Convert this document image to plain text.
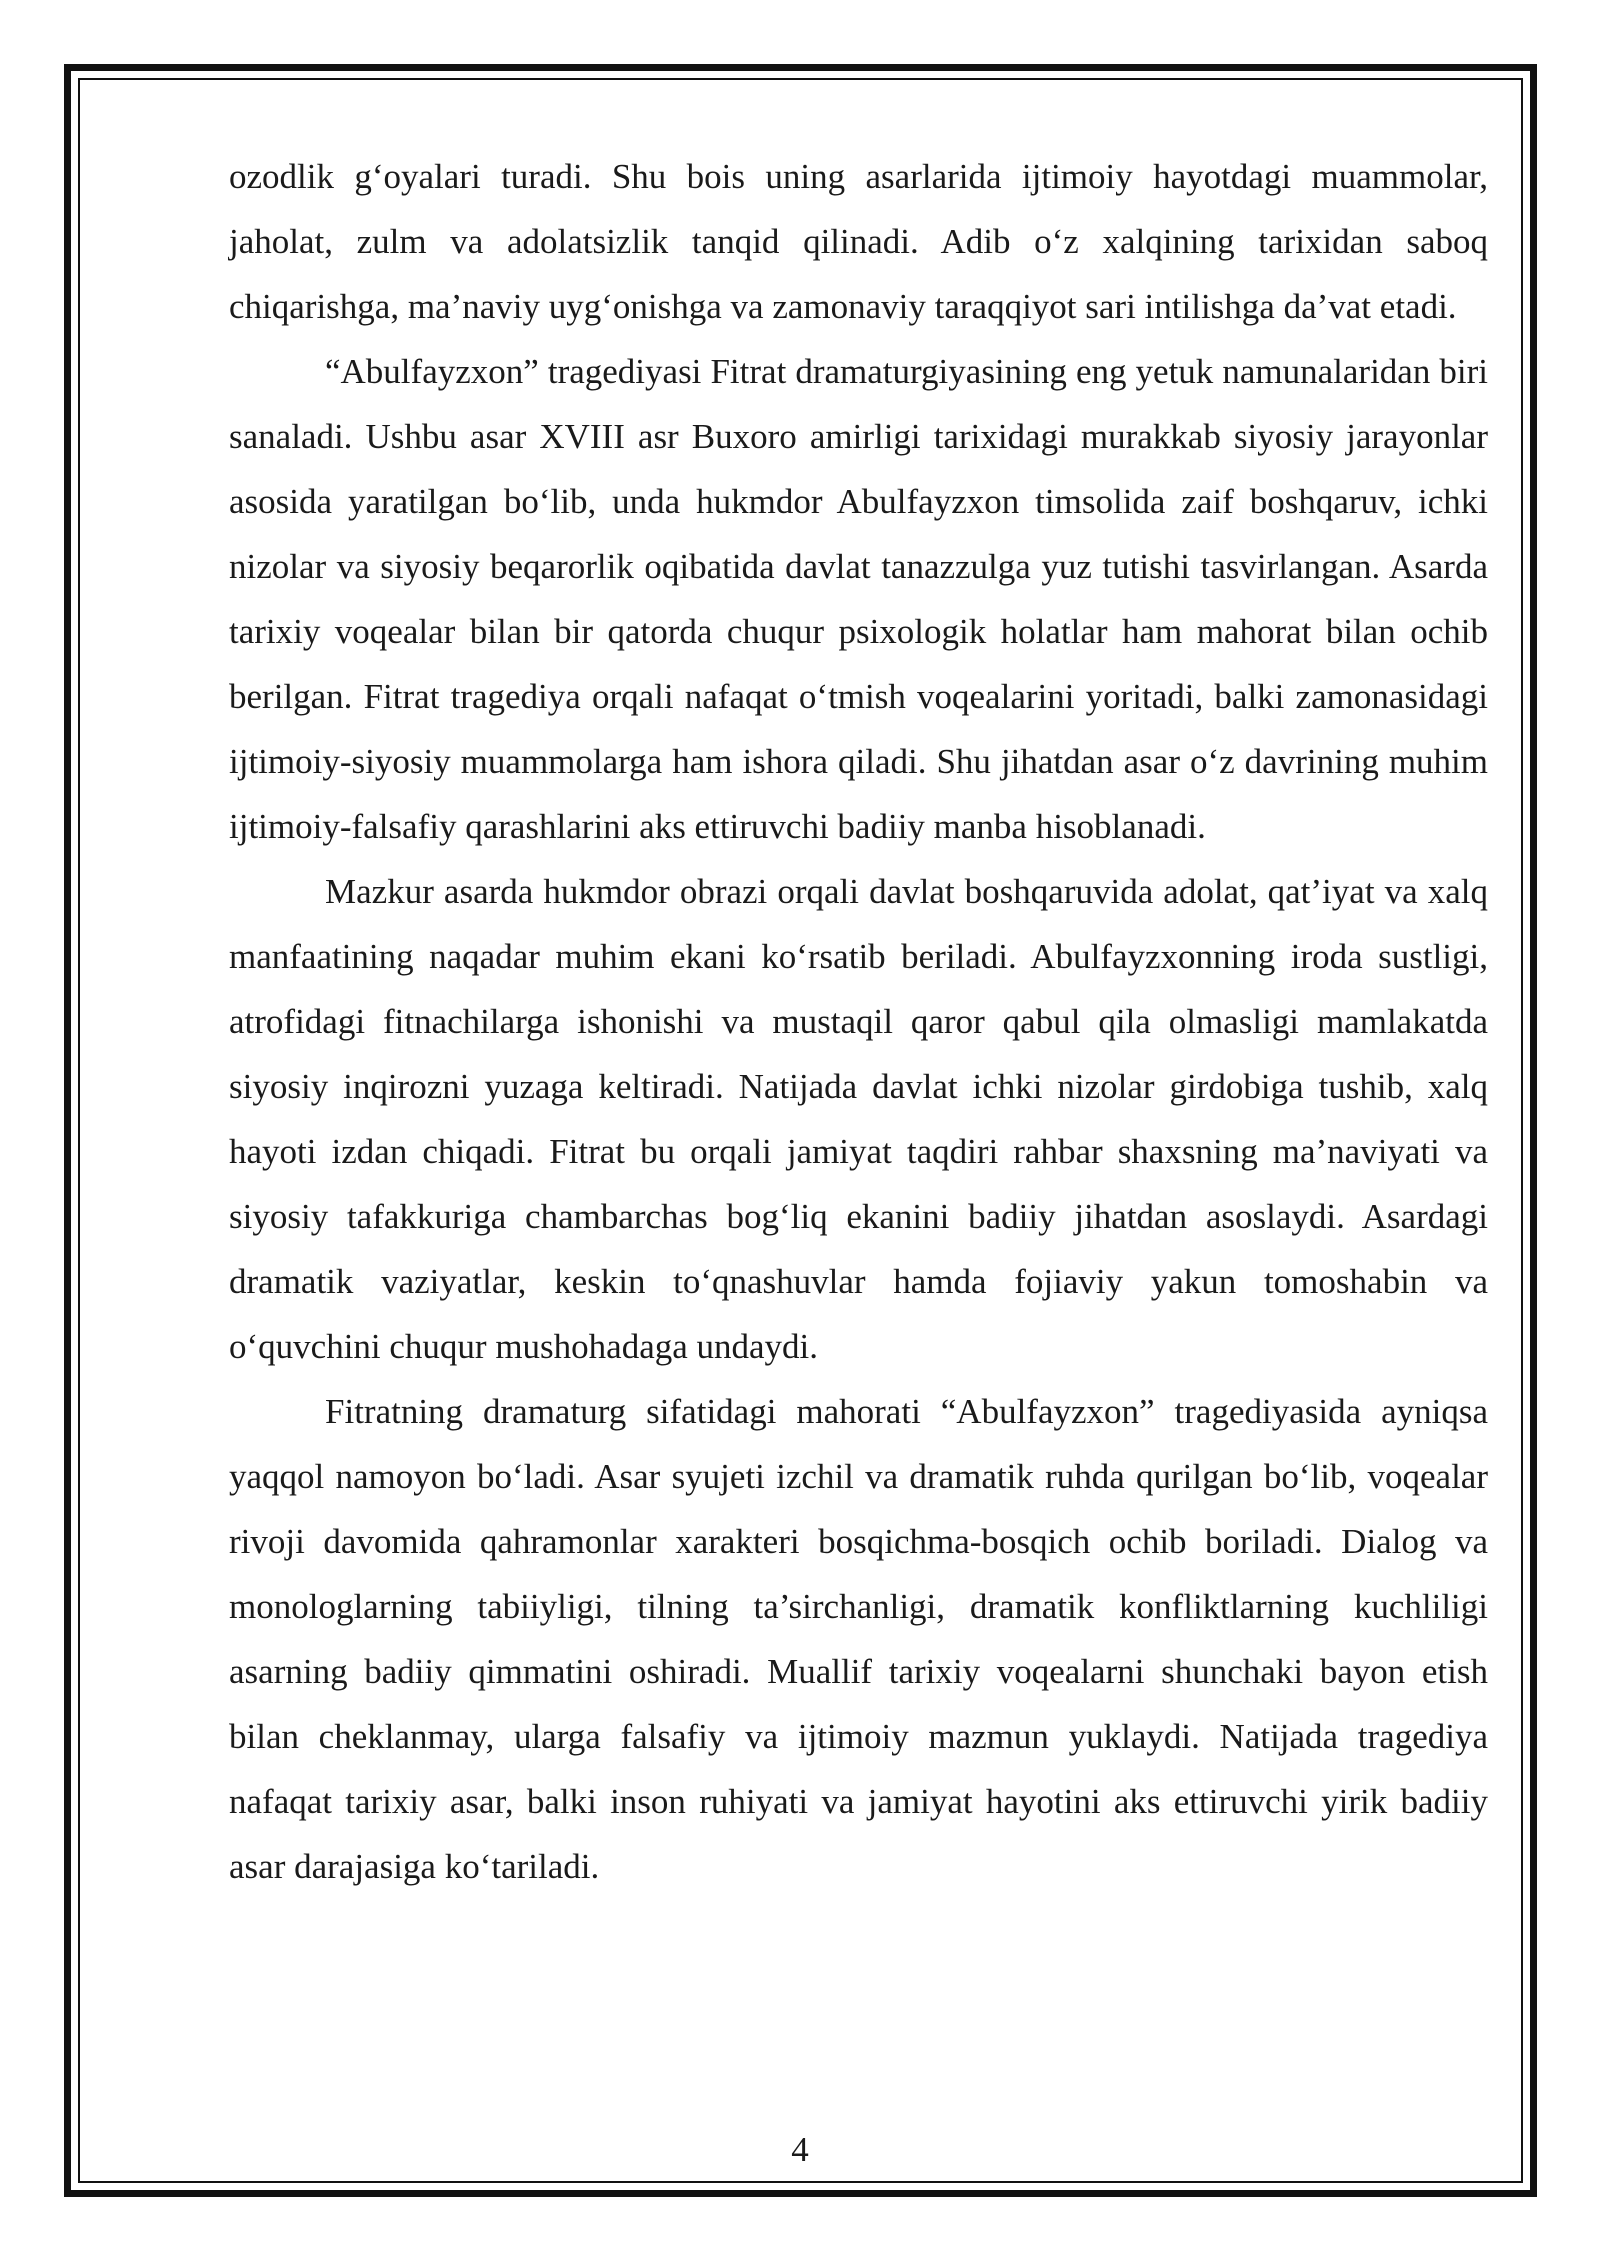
ozodlik g‘oyalari turadi. Shu bois uning asarlarida ijtimoiy hayotdagi muammolar, jaholat, zulm va adolatsizlik tanqid qilinadi. Adib o‘z xalqining tarixidan saboq chiqarishga, ma’naviy uyg‘onishga va zamonaviy taraqqiyot sari intilishga da’vat etadi.

“Abulfayzxon” tragediyasi Fitrat dramaturgiyasining eng yetuk namunalaridan biri sanaladi. Ushbu asar XVIII asr Buxoro amirligi tarixidagi murakkab siyosiy jarayonlar asosida yaratilgan bo‘lib, unda hukmdor Abulfayzxon timsolida zaif boshqaruv, ichki nizolar va siyosiy beqarorlik oqibatida davlat tanazzulga yuz tutishi tasvirlangan. Asarda tarixiy voqealar bilan bir qatorda chuqur psixologik holatlar ham mahorat bilan ochib berilgan. Fitrat tragediya orqali nafaqat o‘tmish voqealarini yoritadi, balki zamonasidagi ijtimoiy-siyosiy muammolarga ham ishora qiladi. Shu jihatdan asar o‘z davrining muhim ijtimoiy-falsafiy qarashlarini aks ettiruvchi badiiy manba hisoblanadi.

Mazkur asarda hukmdor obrazi orqali davlat boshqaruvida adolat, qat’iyat va xalq manfaatining naqadar muhim ekani ko‘rsatib beriladi. Abulfayzxonning iroda sustligi, atrofidagi fitnachilarga ishonishi va mustaqil qaror qabul qila olmasligi mamlakatda siyosiy inqirozni yuzaga keltiradi. Natijada davlat ichki nizolar girdobiga tushib, xalq hayoti izdan chiqadi. Fitrat bu orqali jamiyat taqdiri rahbar shaxsning ma’naviyati va siyosiy tafakkuriga chambarchas bog‘liq ekanini badiiy jihatdan asoslaydi. Asardagi dramatik vaziyatlar, keskin to‘qnashuvlar hamda fojiaviy yakun tomoshabin va o‘quvchini chuqur mushohadaga undaydi.

Fitratning dramaturg sifatidagi mahorati “Abulfayzxon” tragediyasida ayniqsa yaqqol namoyon bo‘ladi. Asar syujeti izchil va dramatik ruhda qurilgan bo‘lib, voqealar rivoji davomida qahramonlar xarakteri bosqichma-bosqich ochib boriladi. Dialog va monologlarning tabiiyligi, tilning ta’sirchanligi, dramatik konfliktlarning kuchliligi asarning badiiy qimmatini oshiradi. Muallif tarixiy voqealarni shunchaki bayon etish bilan cheklanmay, ularga falsafiy va ijtimoiy mazmun yuklaydi. Natijada tragediya nafaqat tarixiy asar, balki inson ruhiyati va jamiyat hayotini aks ettiruvchi yirik badiiy asar darajasiga ko‘tariladi.

4
